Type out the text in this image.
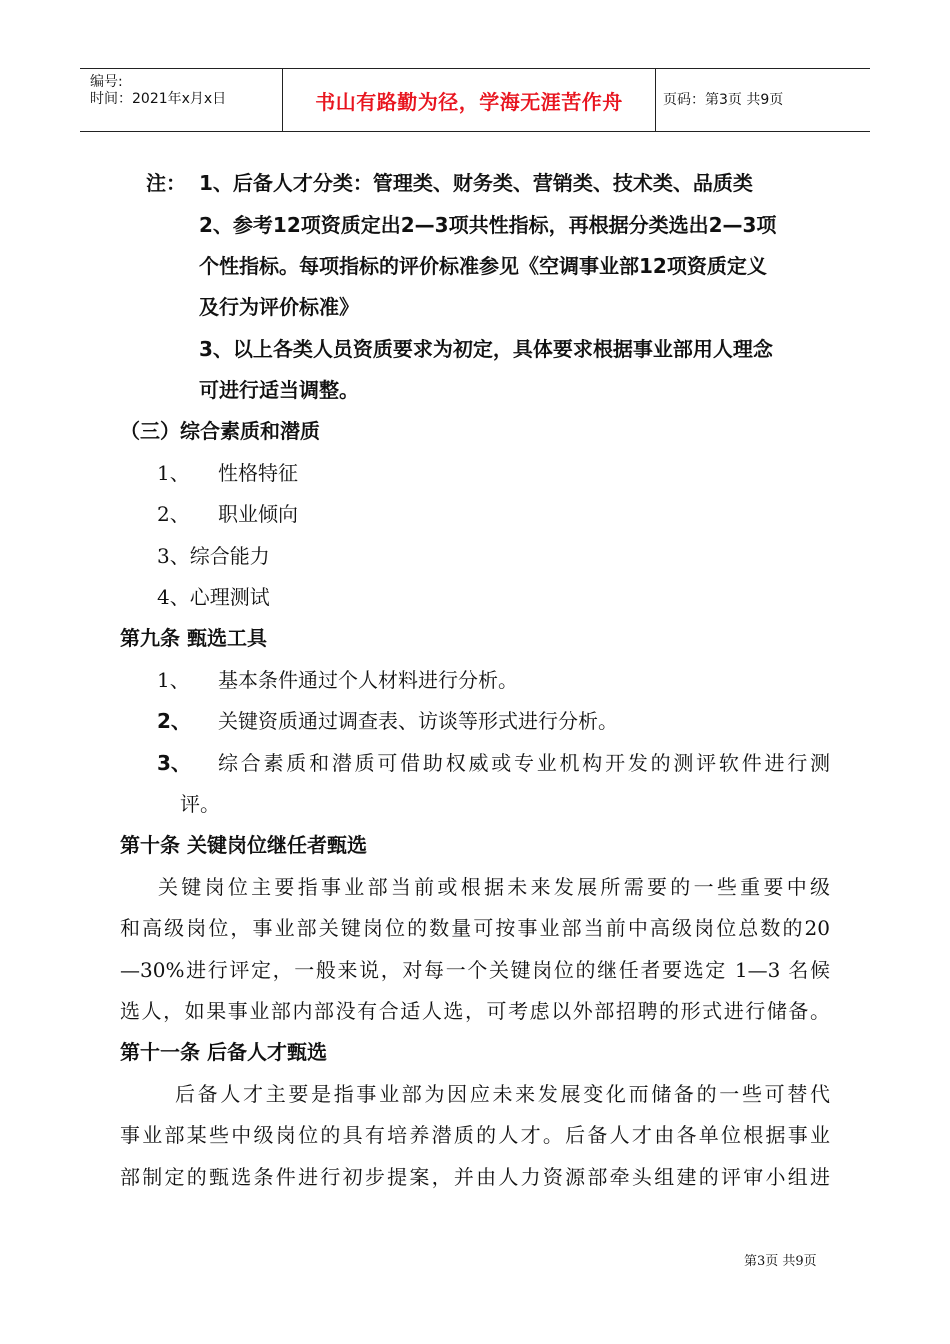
编号:
时间：2021年x月x日	书山有路勤为径，学海无涯苦作舟	页码：第3页 共9页
注： 1、后备人才分类：管理类、财务类、营销类、技术类、品质类
2、参考12项资质定出2—3项共性指标，再根据分类选出2—3项
个性指标。每项指标的评价标准参见《空调事业部12项资质定义
及行为评价标准》
3、以上各类人员资质要求为初定，具体要求根据事业部用人理念
可进行适当调整。
（三）综合素质和潜质
1、 性格特征
2、 职业倾向
3、综合能力
4、心理测试
第九条 甄选工具
1、 基本条件通过个人材料进行分析。
2、 关键资质通过调查表、访谈等形式进行分析。
3、 综合素质和潜质可借助权威或专业机构开发的测评软件进行测
评。
第十条 关键岗位继任者甄选
关键岗位主要指事业部当前或根据未来发展所需要的一些重要中级
和高级岗位，事业部关键岗位的数量可按事业部当前中高级岗位总数的20
—30%进行评定，一般来说，对每一个关键岗位的继任者要选定 1—3 名候
选人，如果事业部内部没有合适人选，可考虑以外部招聘的形式进行储备。
第十一条 后备人才甄选
后备人才主要是指事业部为因应未来发展变化而储备的一些可替代
事业部某些中级岗位的具有培养潜质的人才。后备人才由各单位根据事业
部制定的甄选条件进行初步提案，并由人力资源部牵头组建的评审小组进
第3页 共9页
